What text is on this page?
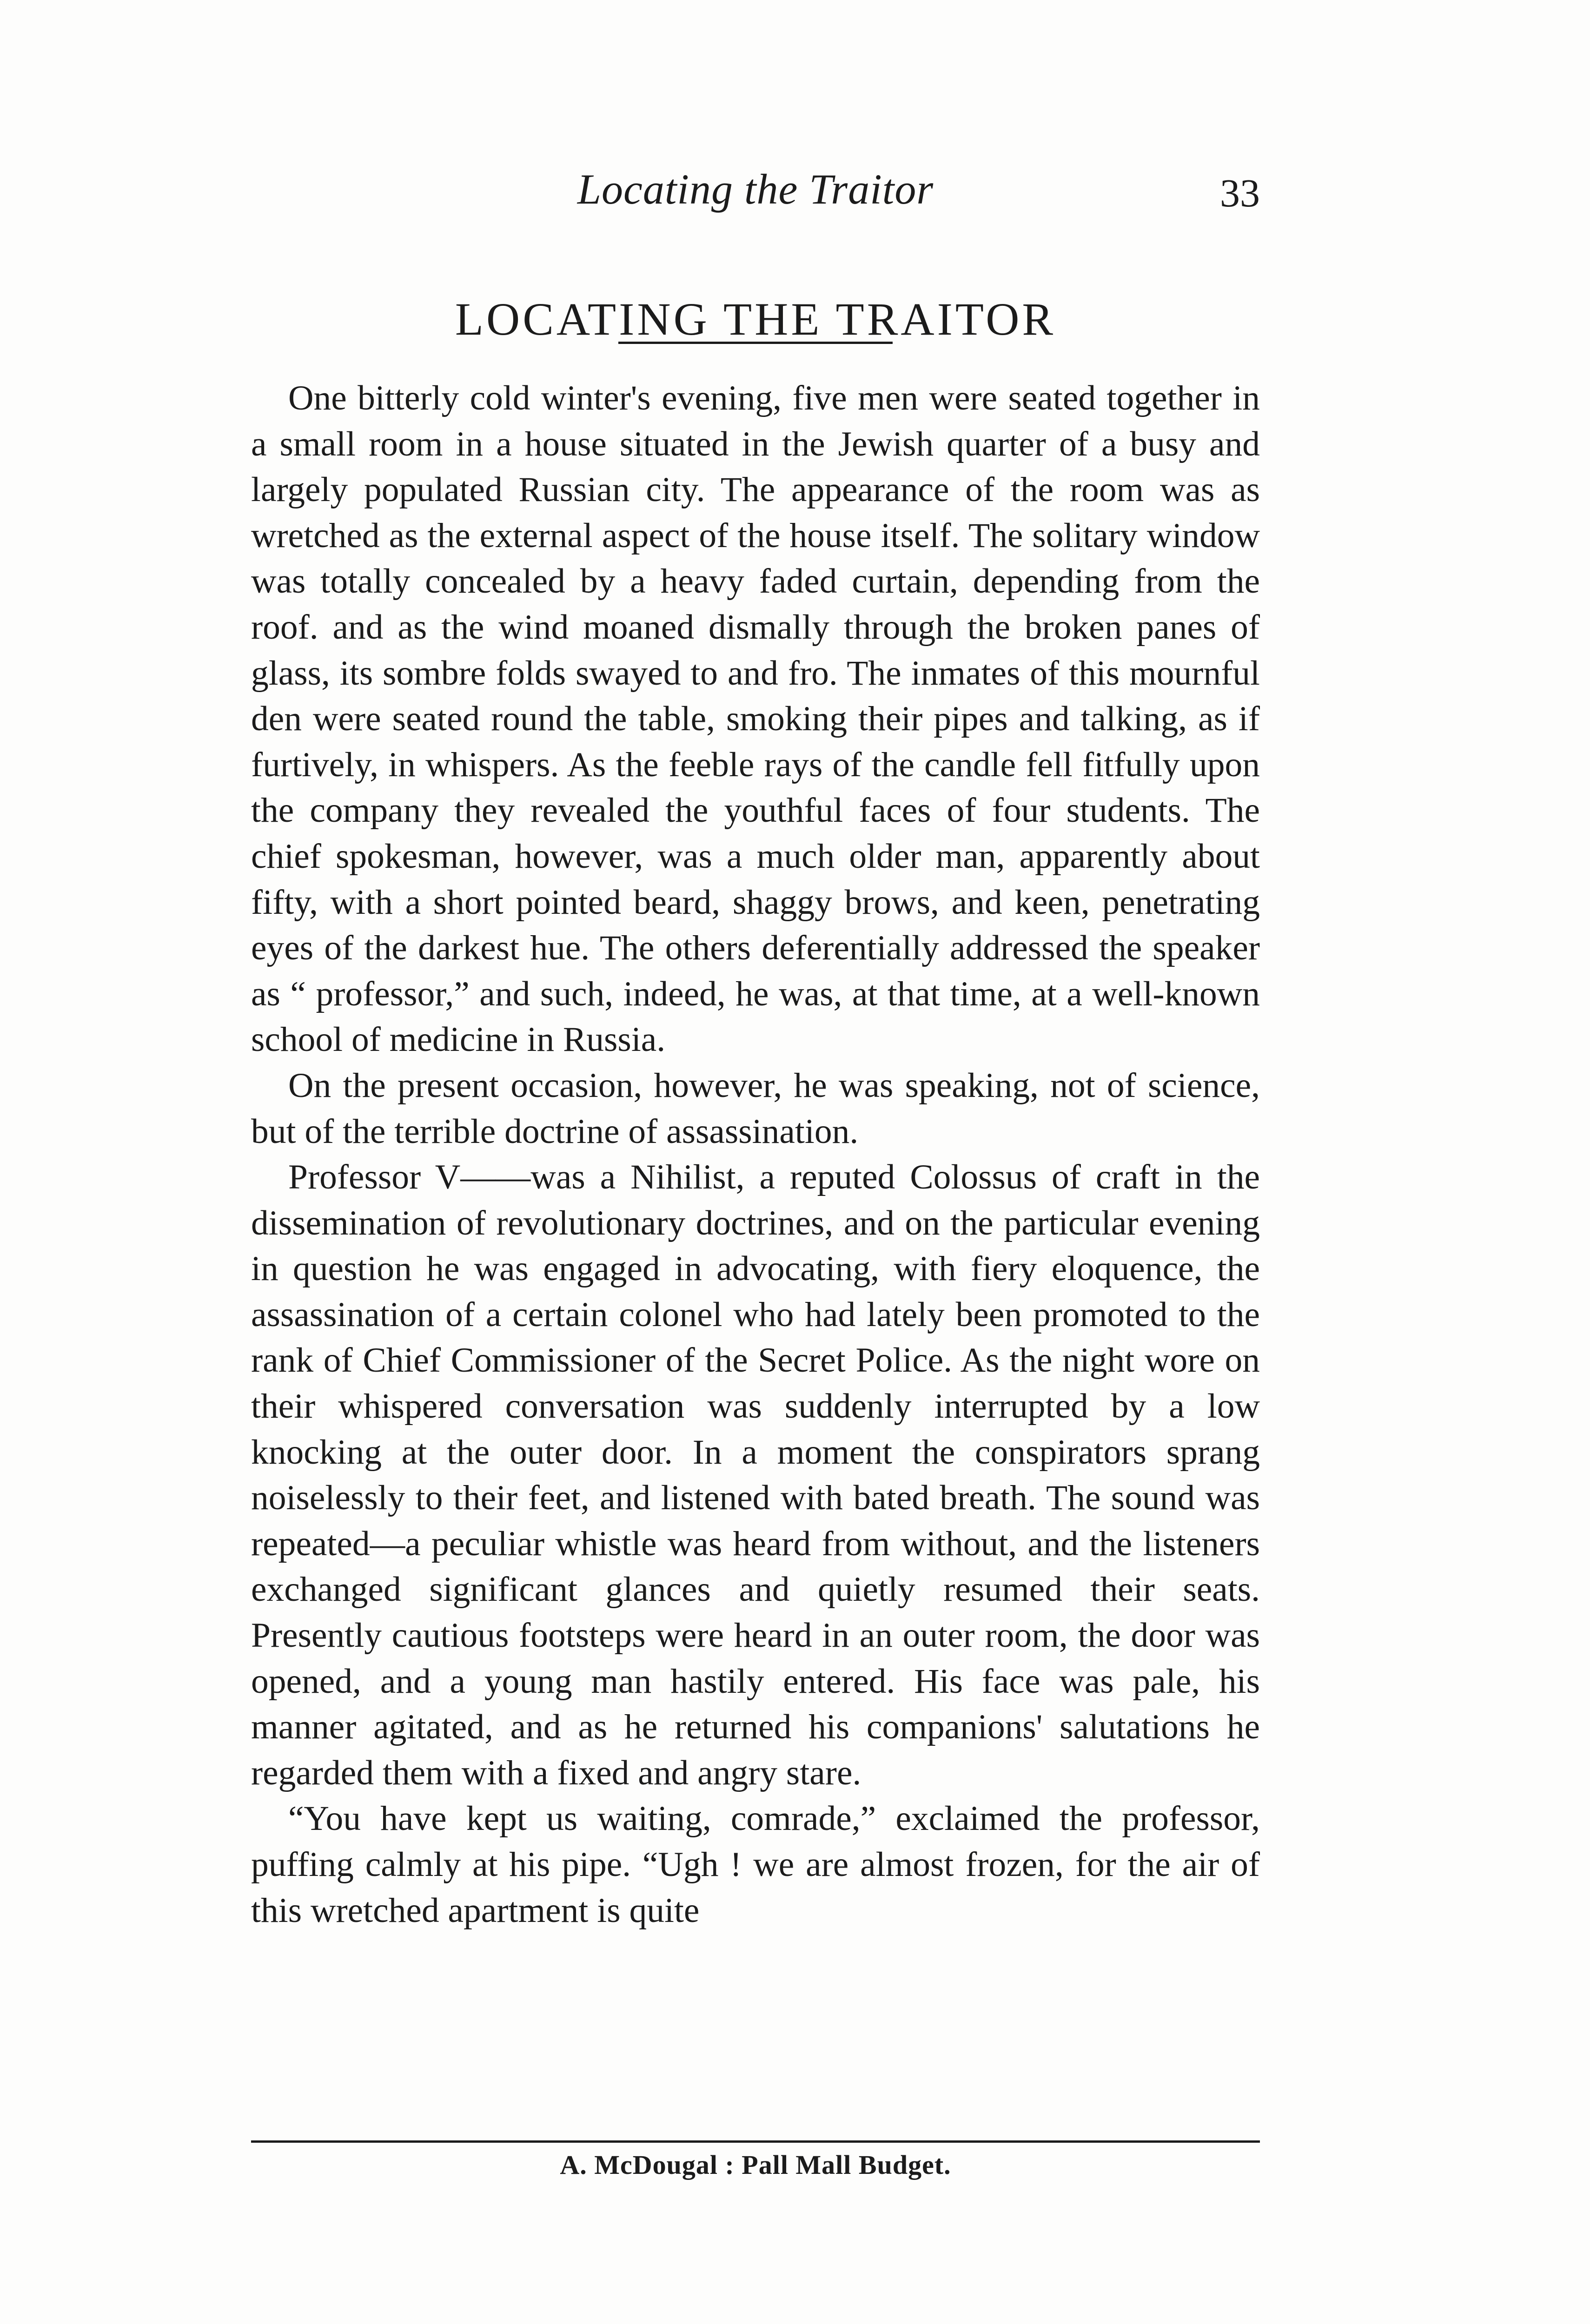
Locating the Traitor	33
LOCATING THE TRAITOR

One bitterly cold winter's evening, five men were seated together in a small room in a house situated in the Jewish quarter of a busy and largely populated Russian city. The appearance of the room was as wretched as the external aspect of the house itself. The solitary window was totally concealed by a heavy faded curtain, depending from the roof. and as the wind moaned dismally through the broken panes of glass, its sombre folds swayed to and fro. The inmates of this mournful den were seated round the table, smoking their pipes and talking, as if furtively, in whispers. As the feeble rays of the candle fell fitfully upon the company they revealed the youthful faces of four students. The chief spokesman, however, was a much older man, apparently about fifty, with a short pointed beard, shaggy brows, and keen, penetrating eyes of the darkest hue. The others deferentially addressed the speaker as “ professor,” and such, indeed, he was, at that time, at a well-known school of medicine in Russia.

On the present occasion, however, he was speaking, not of science, but of the terrible doctrine of assassination.

Professor V——was a Nihilist, a reputed Colossus of craft in the dissemination of revolutionary doctrines, and on the particular evening in question he was engaged in advocating, with fiery eloquence, the assassination of a certain colonel who had lately been promoted to the rank of Chief Commissioner of the Secret Police. As the night wore on their whispered conversation was suddenly interrupted by a low knocking at the outer door. In a moment the conspirators sprang noiselessly to their feet, and listened with bated breath. The sound was repeated—a peculiar whistle was heard from without, and the listeners exchanged significant glances and quietly resumed their seats. Presently cautious footsteps were heard in an outer room, the door was opened, and a young man hastily entered. His face was pale, his manner agitated, and as he returned his companions' salutations he regarded them with a fixed and angry stare.

“You have kept us waiting, comrade,” exclaimed the professor, puffing calmly at his pipe. “Ugh ! we are almost frozen, for the air of this wretched apartment is quite

A. McDougal : Pall Mall Budget.
